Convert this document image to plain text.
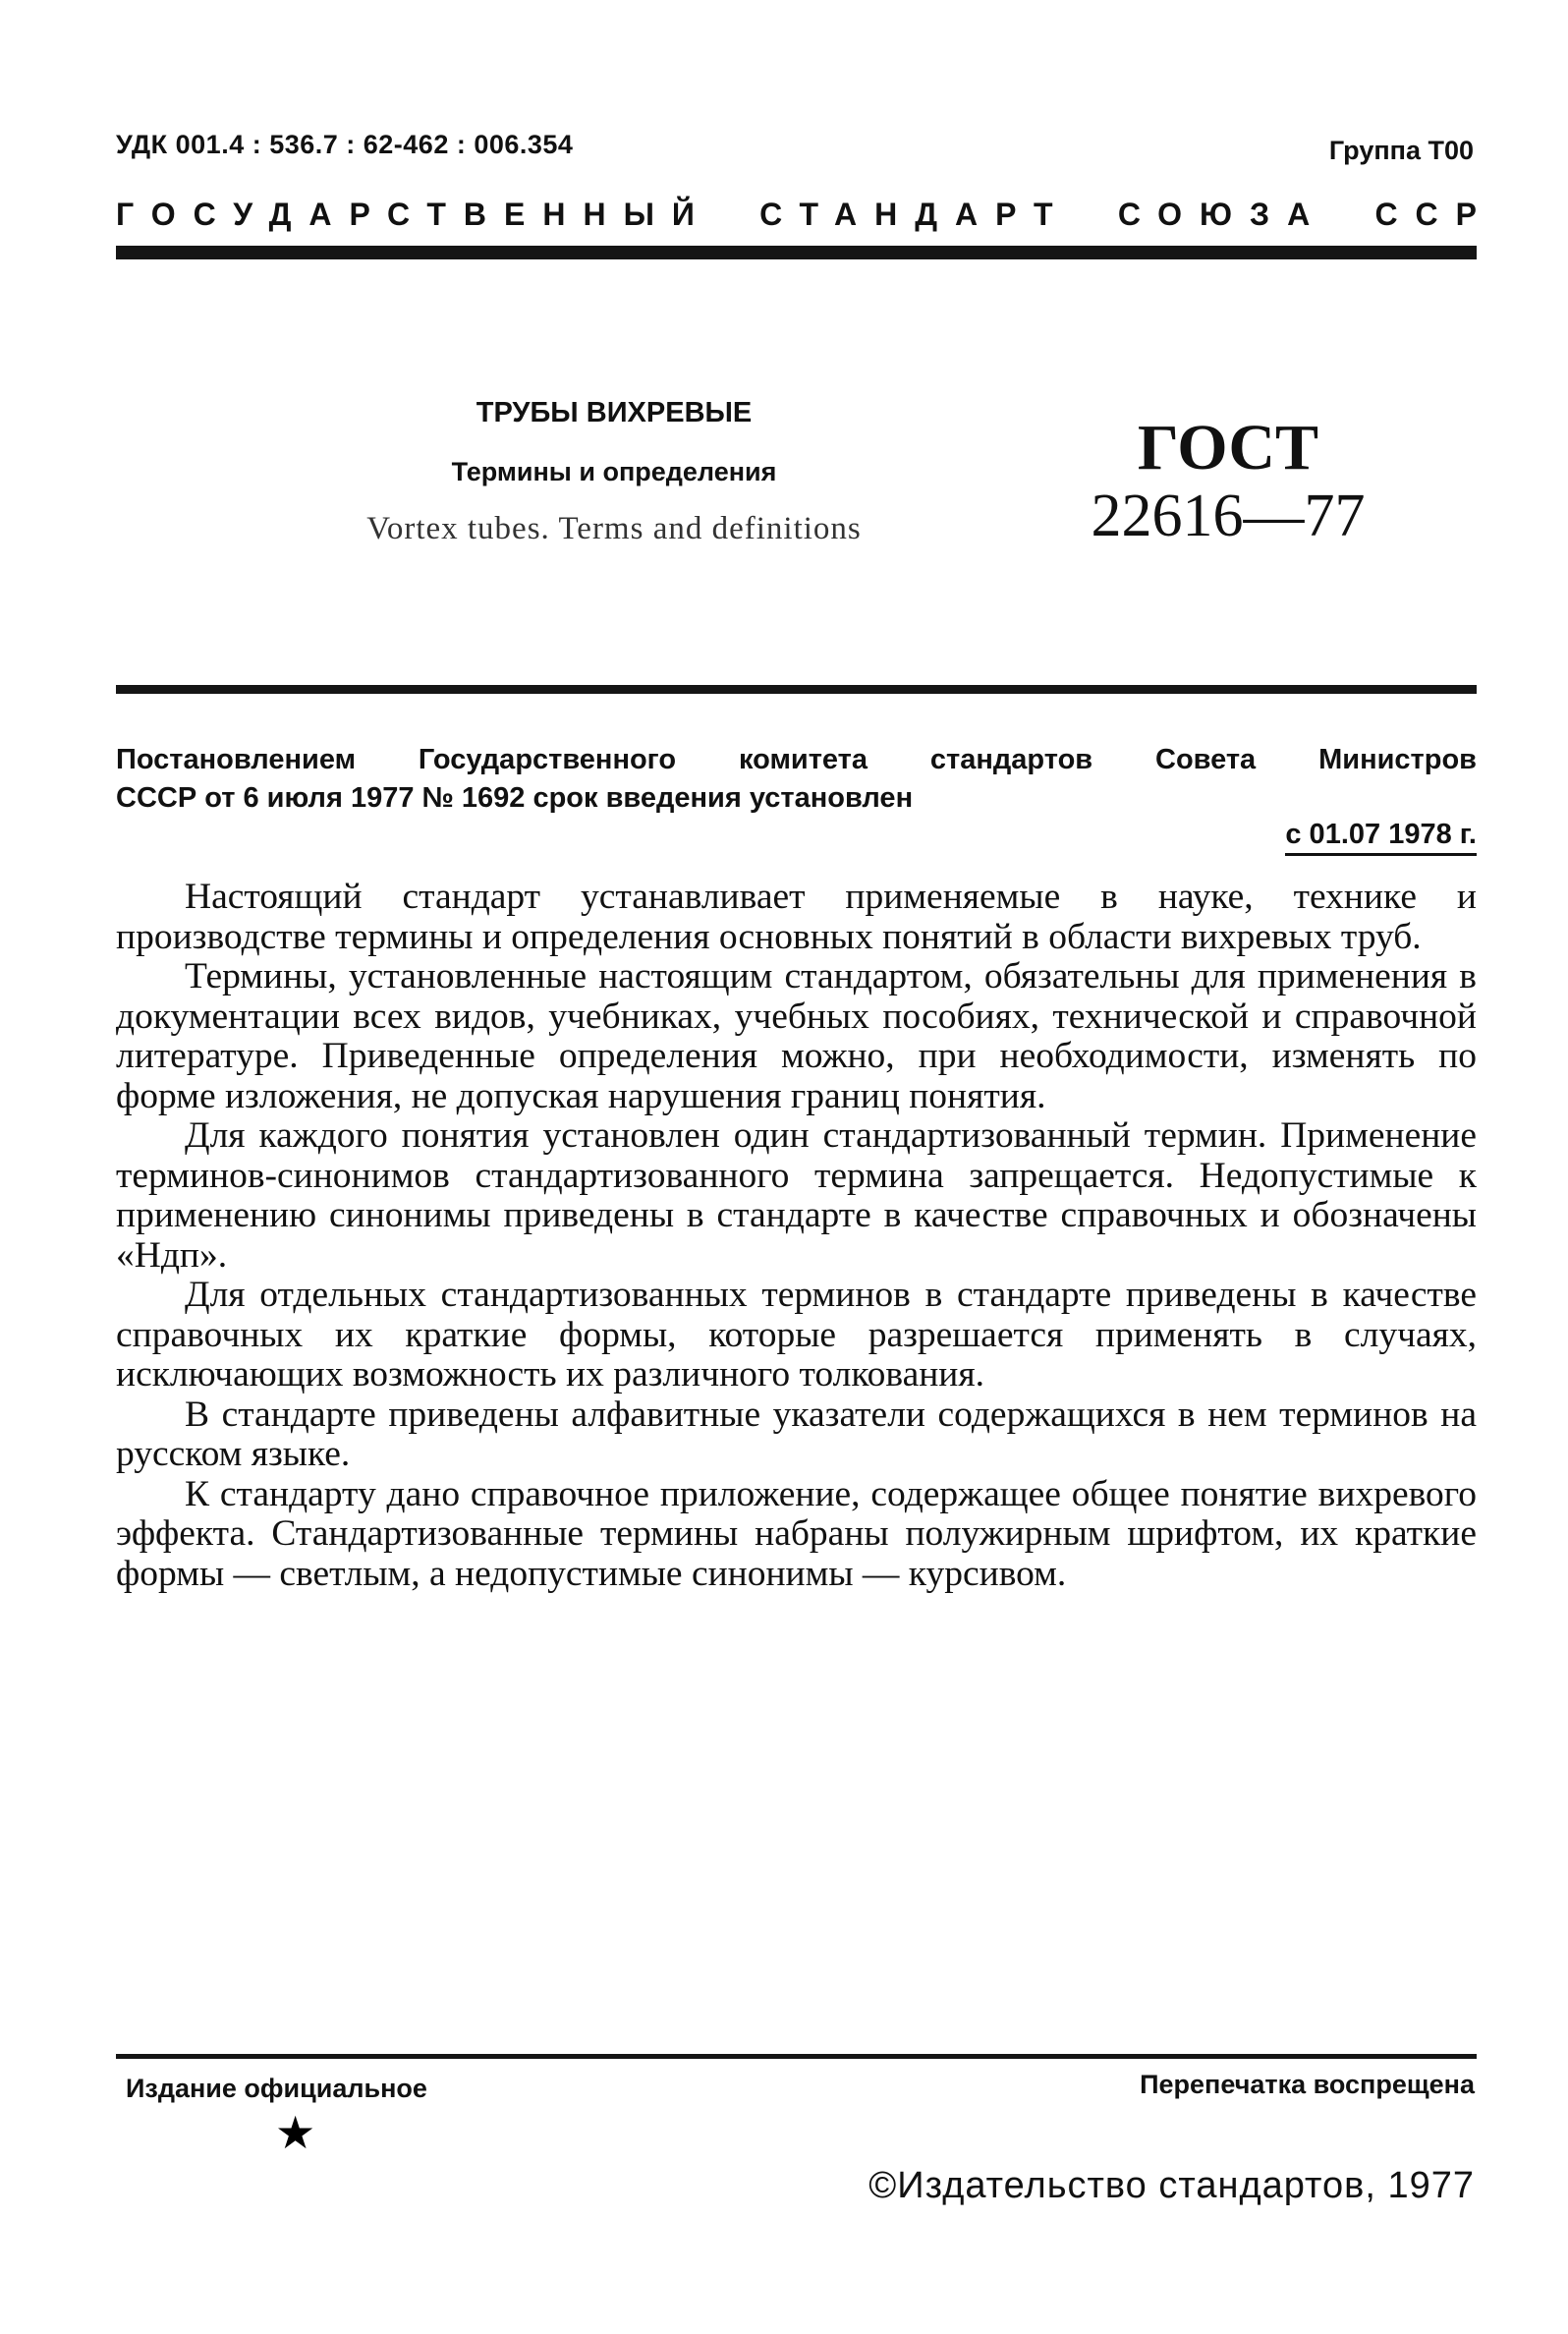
УДК 001.4 : 536.7 : 62-462 : 006.354	Группа Т00
ГОСУДАРСТВЕННЫЙ СТАНДАРТ СОЮЗА ССР
ТРУБЫ ВИХРЕВЫЕ
Термины и определения
Vortex tubes. Terms and definitions
ГОСТ
22616—77
Постановлением Государственного комитета стандартов Совета Министров
СССР от 6 июля 1977 № 1692 срок введения установлен
с 01.07 1978 г.

Настоящий стандарт устанавливает применяемые в науке, технике и производстве термины и определения основных понятий в области вихревых труб.

Термины, установленные настоящим стандартом, обязательны для применения в документации всех видов, учебниках, учебных пособиях, технической и справочной литературе. Приведенные определения можно, при необходимости, изменять по форме изложения, не допуская нарушения границ понятия.

Для каждого понятия установлен один стандартизованный термин. Применение терминов-синонимов стандартизованного термина запрещается. Недопустимые к применению синонимы приведены в стандарте в качестве справочных и обозначены «Ндп».

Для отдельных стандартизованных терминов в стандарте приведены в качестве справочных их краткие формы, которые разрешается применять в случаях, исключающих возможность их различного толкования.

В стандарте приведены алфавитные указатели содержащихся в нем терминов на русском языке.

К стандарту дано справочное приложение, содержащее общее понятие вихревого эффекта. Стандартизованные термины набраны полужирным шрифтом, их краткие формы — светлым, а недопустимые синонимы — курсивом.

Издание официальное	Перепечатка воспрещена
★
©Издательство стандартов, 1977
